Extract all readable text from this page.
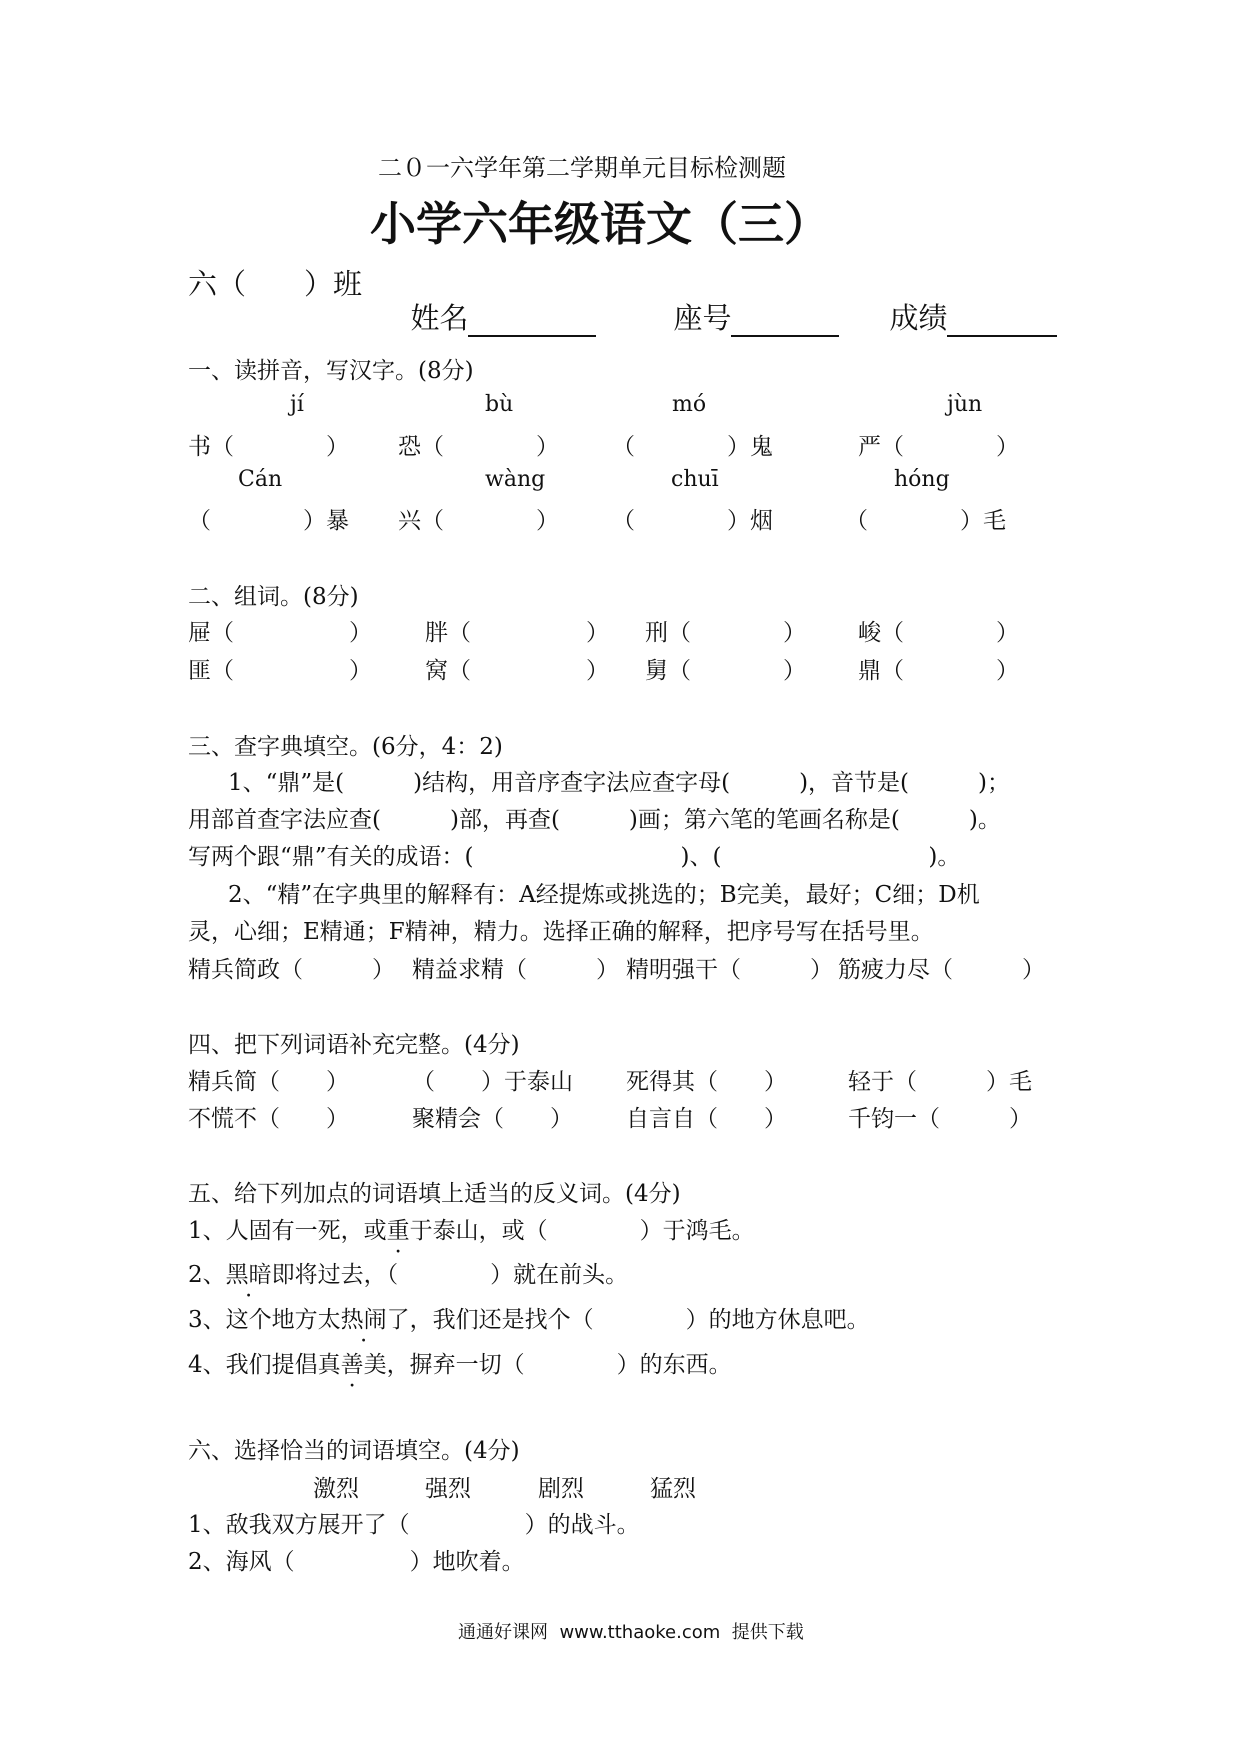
二０一六学年第二学期单元目标检测题
小学六年级语文（三）
六（　　）班

姓名	座号	成绩

一、读拼音，写汉字。(8分)
jí	bù	mó	jùn
书（　　　　） 恐（　　　　） （　　　　）鬼	严（　　　　）
Cán	wàng	chuī	hóng
（　　　　）暴 兴（　　　　） （　　　　）烟	（　　　　）毛
二、组词。(8分)
屉（　　　　　） 胖（　　　　　） 刑（　　　　） 峻（　　　　）
匪（　　　　　） 窝（　　　　　） 舅（　　　　） 鼎（　　　　）
三、查字典填空。(6分，4：2)
1、“鼎”是(　　　)结构，用音序查字法应查字母(　　　)，音节是(　　　)；
用部首查字法应查(　　　)部，再查(　　　)画；第六笔的笔画名称是(　　　)。
写两个跟“鼎”有关的成语：(　　　　　　　　　)、(　　　　　　　　　)。
2、“精”在字典里的解释有：A经提炼或挑选的；B完美，最好；C细；D机
灵，心细；E精通；F精神，精力。选择正确的解释，把序号写在括号里。
精兵简政（　　　） 精益求精（　　　） 精明强干（　　　） 筋疲力尽（　　　）
四、把下列词语补充完整。(4分)
精兵简（　　）	（　　）于泰山 死得其（　　）	轻于（　　　）毛
不慌不（　　）	聚精会（　　） 自言自（　　）	千钧一（　　　）
五、给下列加点的词语填上适当的反义词。(4分)
1、人固有一死，或重于泰山，或（　　　　）于鸿毛。
2、黑暗即将过去，（　　　　）就在前头。
3、这个地方太热闹了，我们还是找个（　　　　）的地方休息吧。
4、我们提倡真善美，摒弃一切（　　　　）的东西。
六、选择恰当的词语填空。(4分)
激烈	强烈	剧烈	猛烈
1、敌我双方展开了（　　　　　）的战斗。
2、海风（　　　　　）地吹着。
通通好课网  www.tthaoke.com  提供下载
